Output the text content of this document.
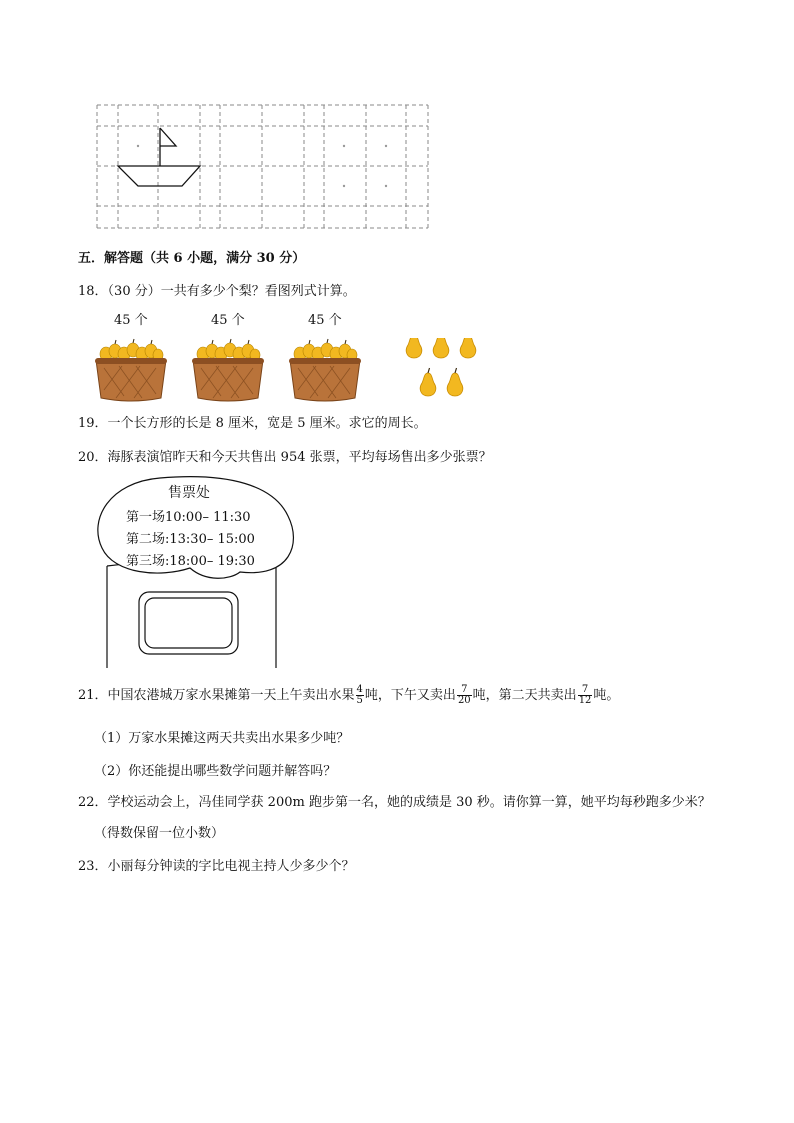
五．解答题（共 6 小题，满分 30 分）
18．（30 分）一共有多少个梨？看图列式计算。
45 个	45 个	45 个
19．一个长方形的长是 8 厘米，宽是 5 厘米。求它的周长。
20．海豚表演馆昨天和今天共售出 954 张票，平均每场售出多少张票？
售票处
第一场10:00– 11:30
第二场:13:30– 15:00
第三场:18:00– 19:30
21．中国农港城万家水果摊第一天上午卖出水果 $\frac{4}{5}$ 吨，下午又卖出 $\frac{7}{20}$ 吨，第二天共卖出 $\frac{7}{12}$ 吨。
（1）万家水果摊这两天共卖出水果多少吨？
（2）你还能提出哪些数学问题并解答吗？
22．学校运动会上，冯佳同学获 200m 跑步第一名，她的成绩是 30 秒。请你算一算，她平均每秒跑多少米？
（得数保留一位小数）
23．小丽每分钟读的字比电视主持人少多少个？
